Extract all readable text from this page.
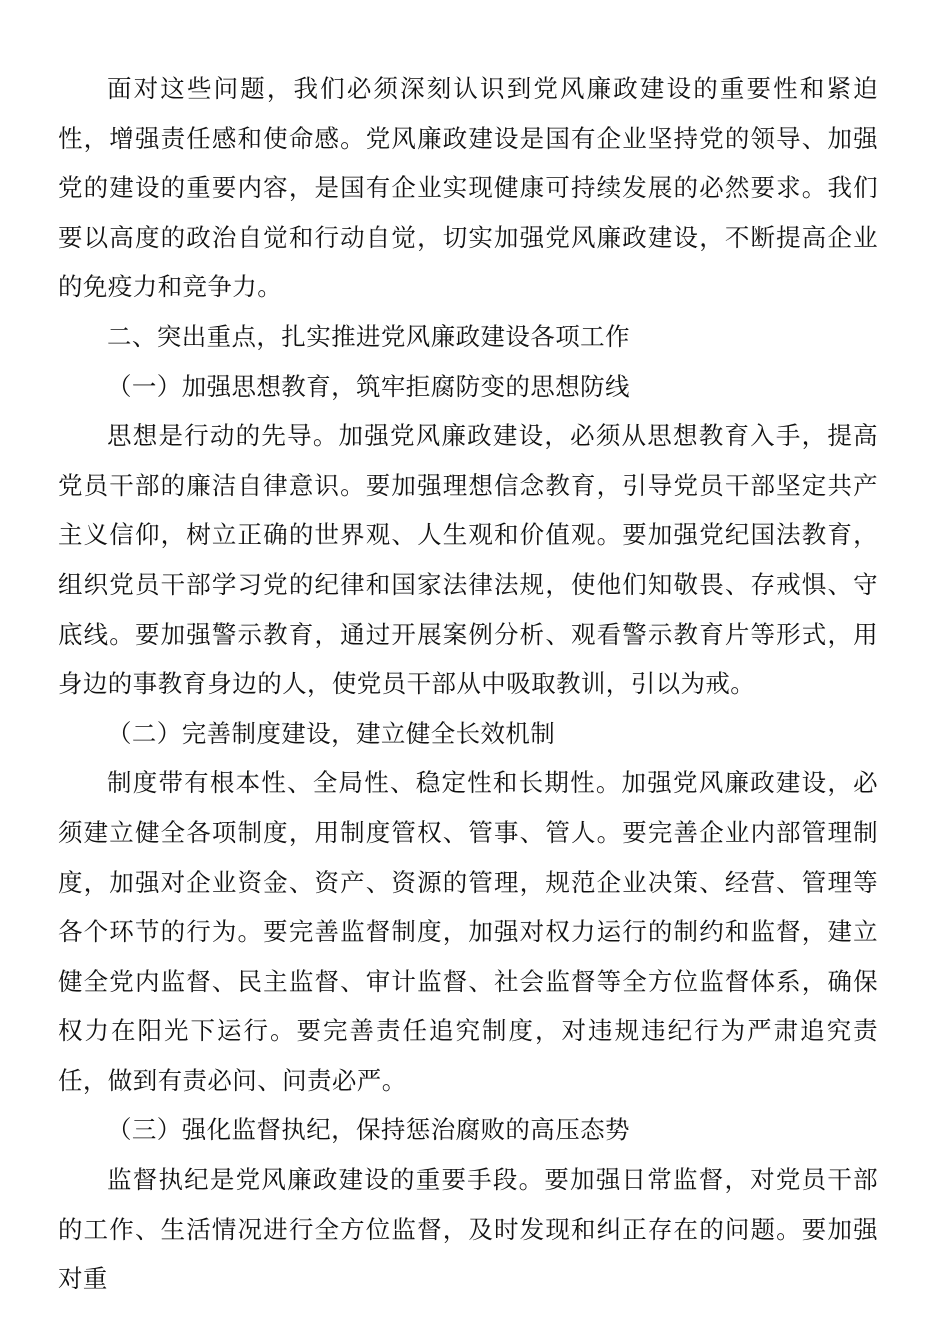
面对这些问题，我们必须深刻认识到党风廉政建设的重要性和紧迫性，增强责任感和使命感。党风廉政建设是国有企业坚持党的领导、加强党的建设的重要内容，是国有企业实现健康可持续发展的必然要求。我们要以高度的政治自觉和行动自觉，切实加强党风廉政建设，不断提高企业的免疫力和竞争力。

二、突出重点，扎实推进党风廉政建设各项工作

（一）加强思想教育，筑牢拒腐防变的思想防线

思想是行动的先导。加强党风廉政建设，必须从思想教育入手，提高党员干部的廉洁自律意识。要加强理想信念教育，引导党员干部坚定共产主义信仰，树立正确的世界观、人生观和价值观。要加强党纪国法教育，组织党员干部学习党的纪律和国家法律法规，使他们知敬畏、存戒惧、守底线。要加强警示教育，通过开展案例分析、观看警示教育片等形式，用身边的事教育身边的人，使党员干部从中吸取教训，引以为戒。

（二）完善制度建设，建立健全长效机制

制度带有根本性、全局性、稳定性和长期性。加强党风廉政建设，必须建立健全各项制度，用制度管权、管事、管人。要完善企业内部管理制度，加强对企业资金、资产、资源的管理，规范企业决策、经营、管理等各个环节的行为。要完善监督制度，加强对权力运行的制约和监督，建立健全党内监督、民主监督、审计监督、社会监督等全方位监督体系，确保权力在阳光下运行。要完善责任追究制度，对违规违纪行为严肃追究责任，做到有责必问、问责必严。

（三）强化监督执纪，保持惩治腐败的高压态势

监督执纪是党风廉政建设的重要手段。要加强日常监督，对党员干部的工作、生活情况进行全方位监督，及时发现和纠正存在的问题。要加强对重
